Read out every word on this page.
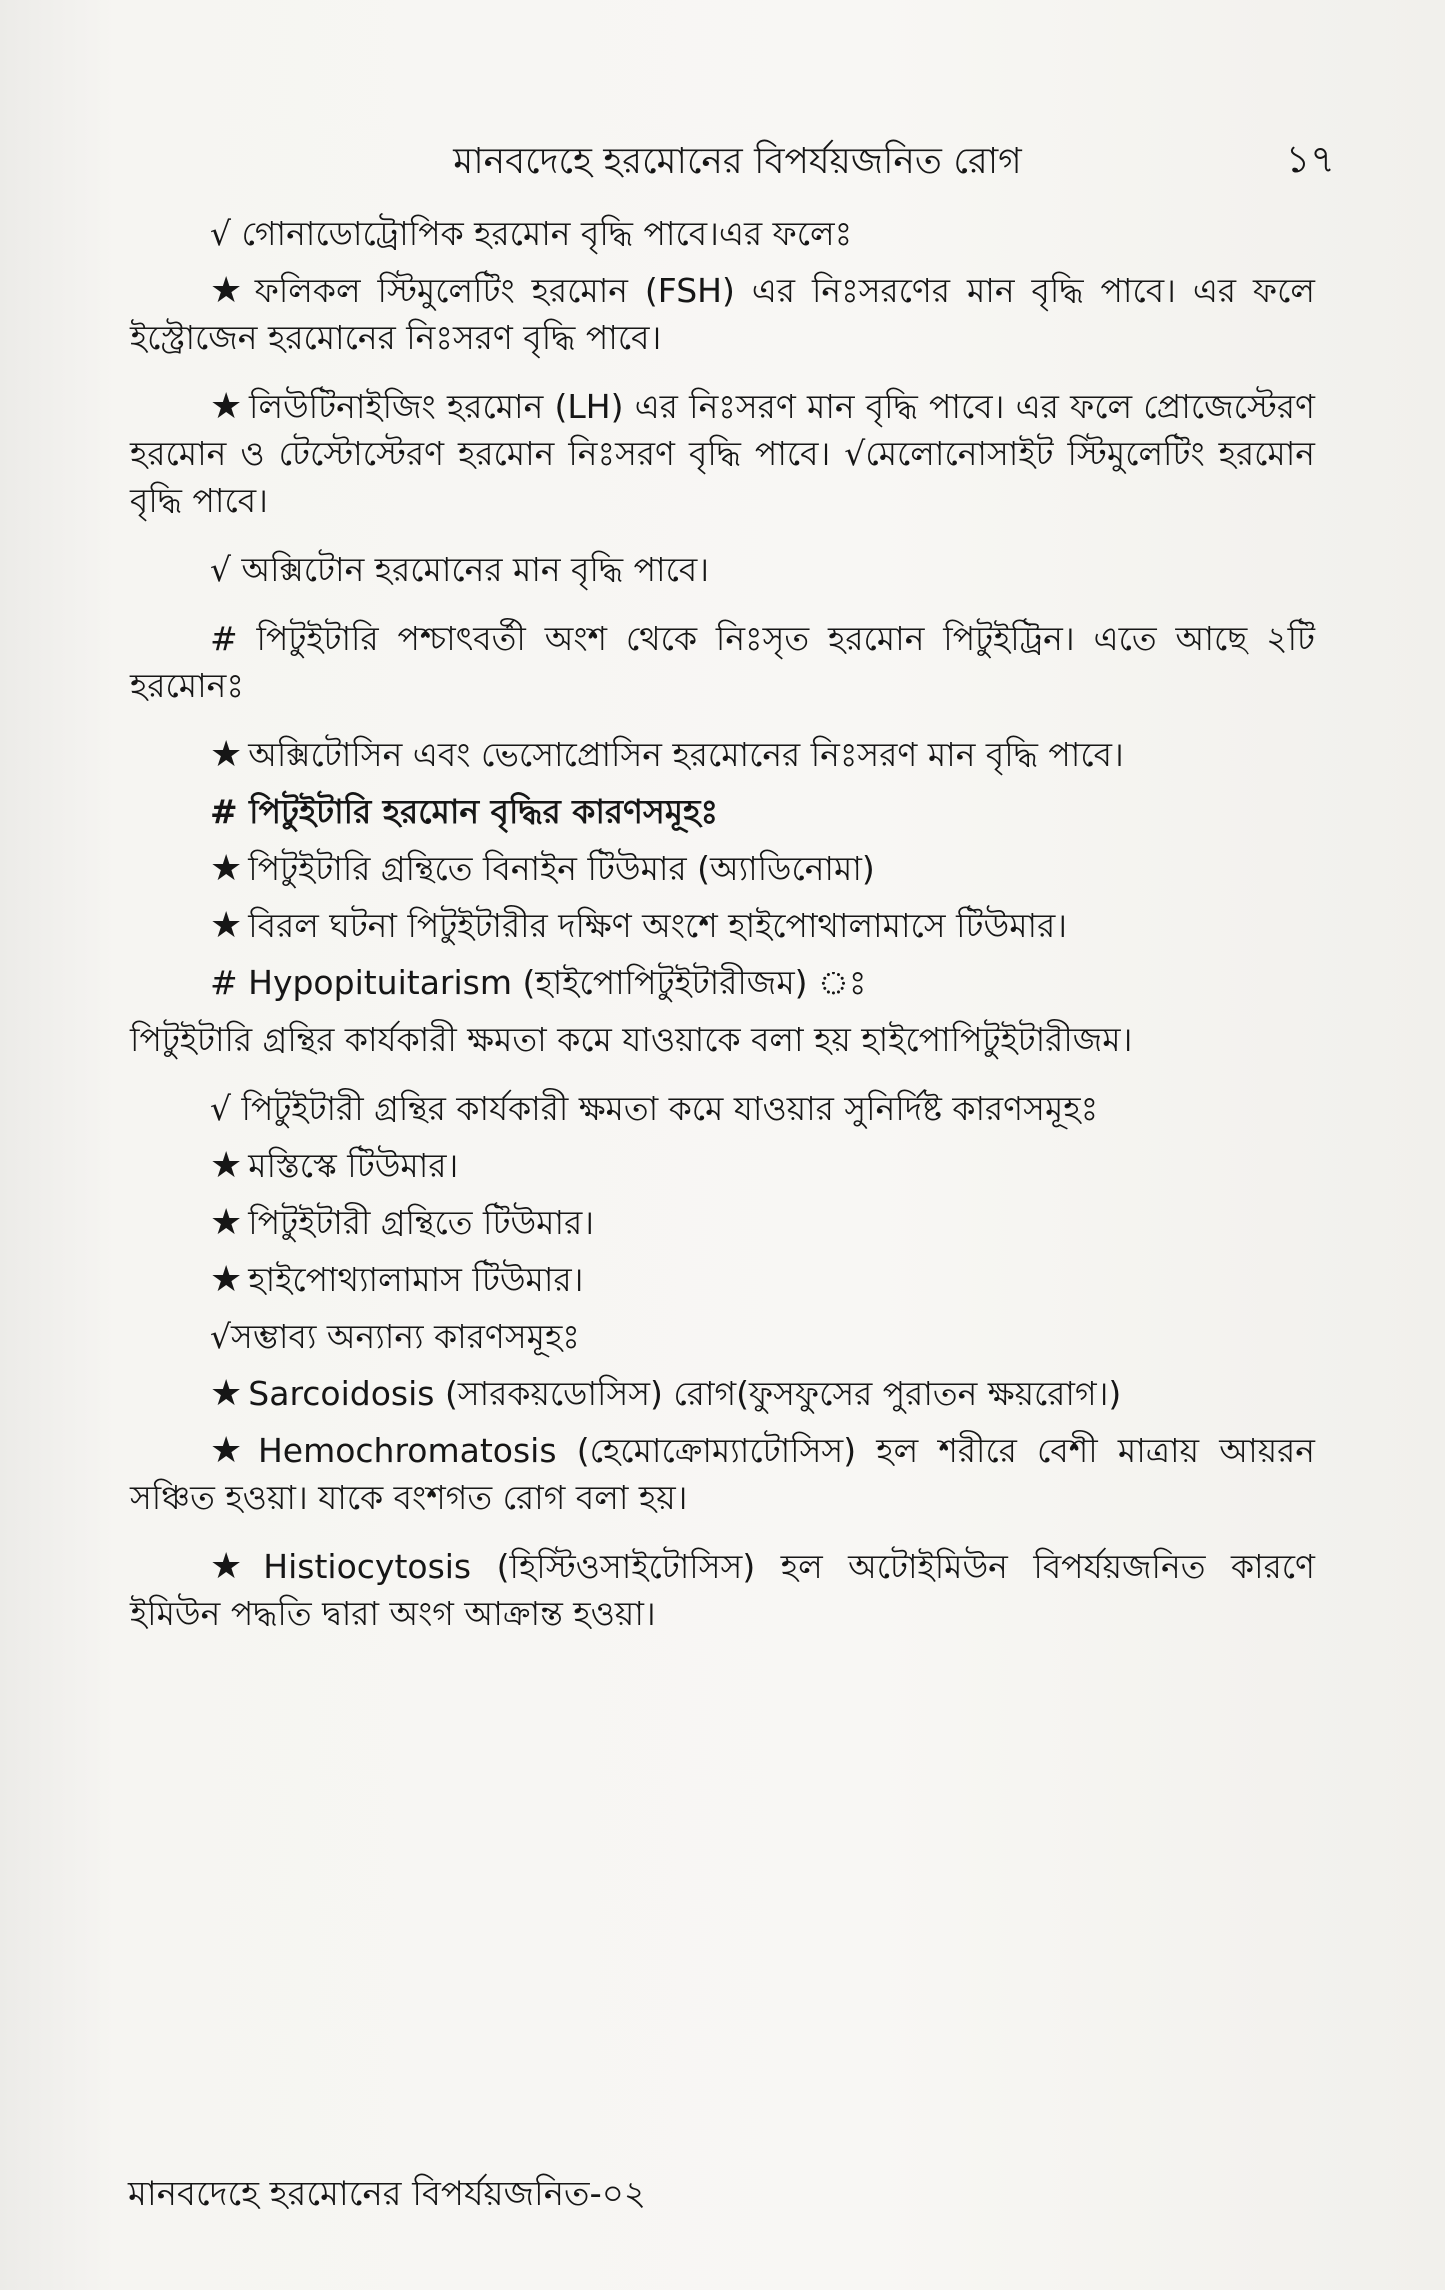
মানবদেহে হরমোনের বিপর্যয়জনিত রোগ	১৭

√ গোনাডোট্রোপিক হরমোন বৃদ্ধি পাবে।এর ফলেঃ

★ ফলিকল স্টিমুলেটিং হরমোন (FSH) এর নিঃসরণের মান বৃদ্ধি পাবে। এর ফলে ইস্ট্রোজেন হরমোনের নিঃসরণ বৃদ্ধি পাবে।

★ লিউটিনাইজিং হরমোন (LH) এর নিঃসরণ মান বৃদ্ধি পাবে। এর ফলে প্রোজেস্টেরণ হরমোন ও টেস্টোস্টেরণ হরমোন নিঃসরণ বৃদ্ধি পাবে। √মেলোনোসাইট স্টিমুলেটিং হরমোন বৃদ্ধি পাবে।

√ অক্সিটোন হরমোনের মান বৃদ্ধি পাবে।

# পিটুইটারি পশ্চাৎবর্তী অংশ থেকে নিঃসৃত হরমোন পিটুইট্রিন। এতে আছে ২টি হরমোনঃ

★ অক্সিটোসিন এবং ভেসোপ্রোসিন হরমোনের নিঃসরণ মান বৃদ্ধি পাবে।

# পিটুইটারি হরমোন বৃদ্ধির কারণসমূহঃ

★ পিটুইটারি গ্রন্থিতে বিনাইন টিউমার (অ্যাডিনোমা)

★ বিরল ঘটনা পিটুইটারীর দক্ষিণ অংশে হাইপোথালামাসে টিউমার।

# Hypopituitarism (হাইপোপিটুইটারীজম) ঃ

পিটুইটারি গ্রন্থির কার্যকারী ক্ষমতা কমে যাওয়াকে বলা হয় হাইপোপিটুইটারীজম।

√ পিটুইটারী গ্রন্থির কার্যকারী ক্ষমতা কমে যাওয়ার সুনির্দিষ্ট কারণসমূহঃ

★ মস্তিস্কে টিউমার।

★ পিটুইটারী গ্রন্থিতে টিউমার।

★ হাইপোথ্যালামাস টিউমার।

√সম্ভাব্য অন্যান্য কারণসমূহঃ

★ Sarcoidosis (সারকয়ডোসিস) রোগ(ফুসফুসের পুরাতন ক্ষয়রোগ।)

★ Hemochromatosis (হেমোক্রোম্যাটোসিস) হল শরীরে বেশী মাত্রায় আয়রন সঞ্চিত হওয়া। যাকে বংশগত রোগ বলা হয়।

★ Histiocytosis (হিস্টিওসাইটোসিস) হল অটোইমিউন বিপর্যয়জনিত কারণে ইমিউন পদ্ধতি দ্বারা অংগ আক্রান্ত হওয়া।

মানবদেহে হরমোনের বিপর্যয়জনিত-০২
